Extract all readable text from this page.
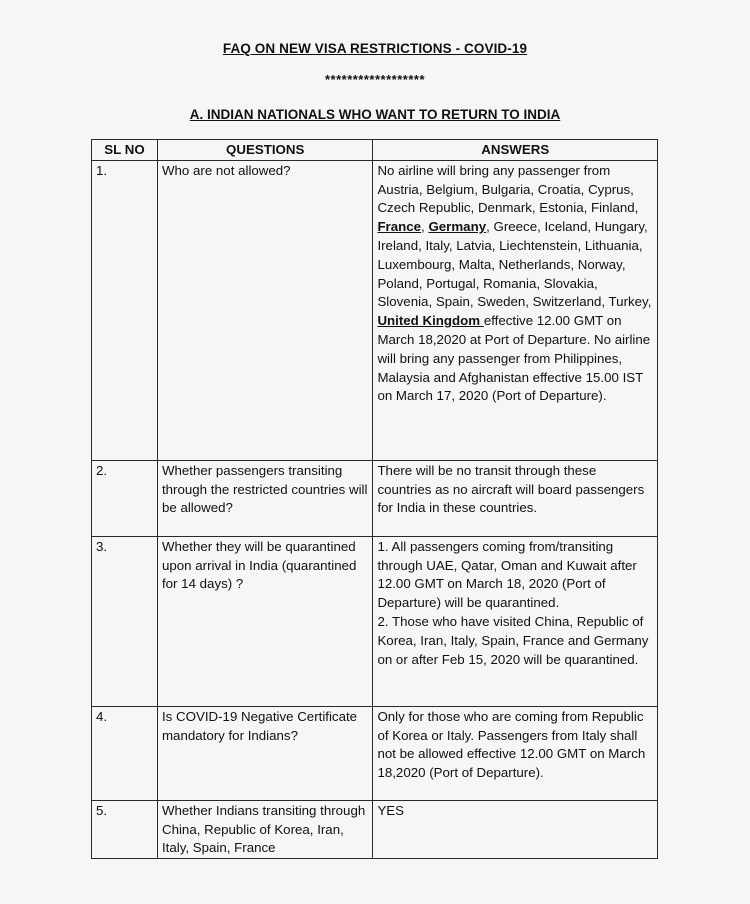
FAQ ON NEW VISA RESTRICTIONS - COVID-19
******************
A. INDIAN NATIONALS WHO WANT TO RETURN TO INDIA
SL NO	QUESTIONS	ANSWERS
1.	Who are not allowed?	No airline will bring any passenger from Austria, Belgium, Bulgaria, Croatia, Cyprus, Czech Republic, Denmark, Estonia, Finland, France, Germany, Greece, Iceland, Hungary, Ireland, Italy, Latvia, Liechtenstein, Lithuania, Luxembourg, Malta, Netherlands, Norway, Poland, Portugal, Romania, Slovakia, Slovenia, Spain, Sweden, Switzerland, Turkey, United Kingdom effective 12.00 GMT on March 18,2020 at Port of Departure. No airline will bring any passenger from Philippines, Malaysia and Afghanistan effective 15.00 IST on March 17, 2020 (Port of Departure).
2.	Whether passengers transiting through the restricted countries will be allowed?	There will be no transit through these countries as no aircraft will board passengers for India in these countries.
3.	Whether they will be quarantined upon arrival in India (quarantined for 14 days) ?	1. All passengers coming from/transiting through UAE, Qatar, Oman and Kuwait after 12.00 GMT on March 18, 2020 (Port of Departure) will be quarantined.
2. Those who have visited China, Republic of Korea, Iran, Italy, Spain, France and Germany on or after Feb 15, 2020 will be quarantined.

4.	Is COVID-19 Negative Certificate mandatory for Indians?	Only for those who are coming from Republic of Korea or Italy. Passengers from Italy shall not be allowed effective 12.00 GMT on March 18,2020 (Port of Departure).
5.	Whether Indians transiting through China, Republic of Korea, Iran, Italy, Spain, France	YES
